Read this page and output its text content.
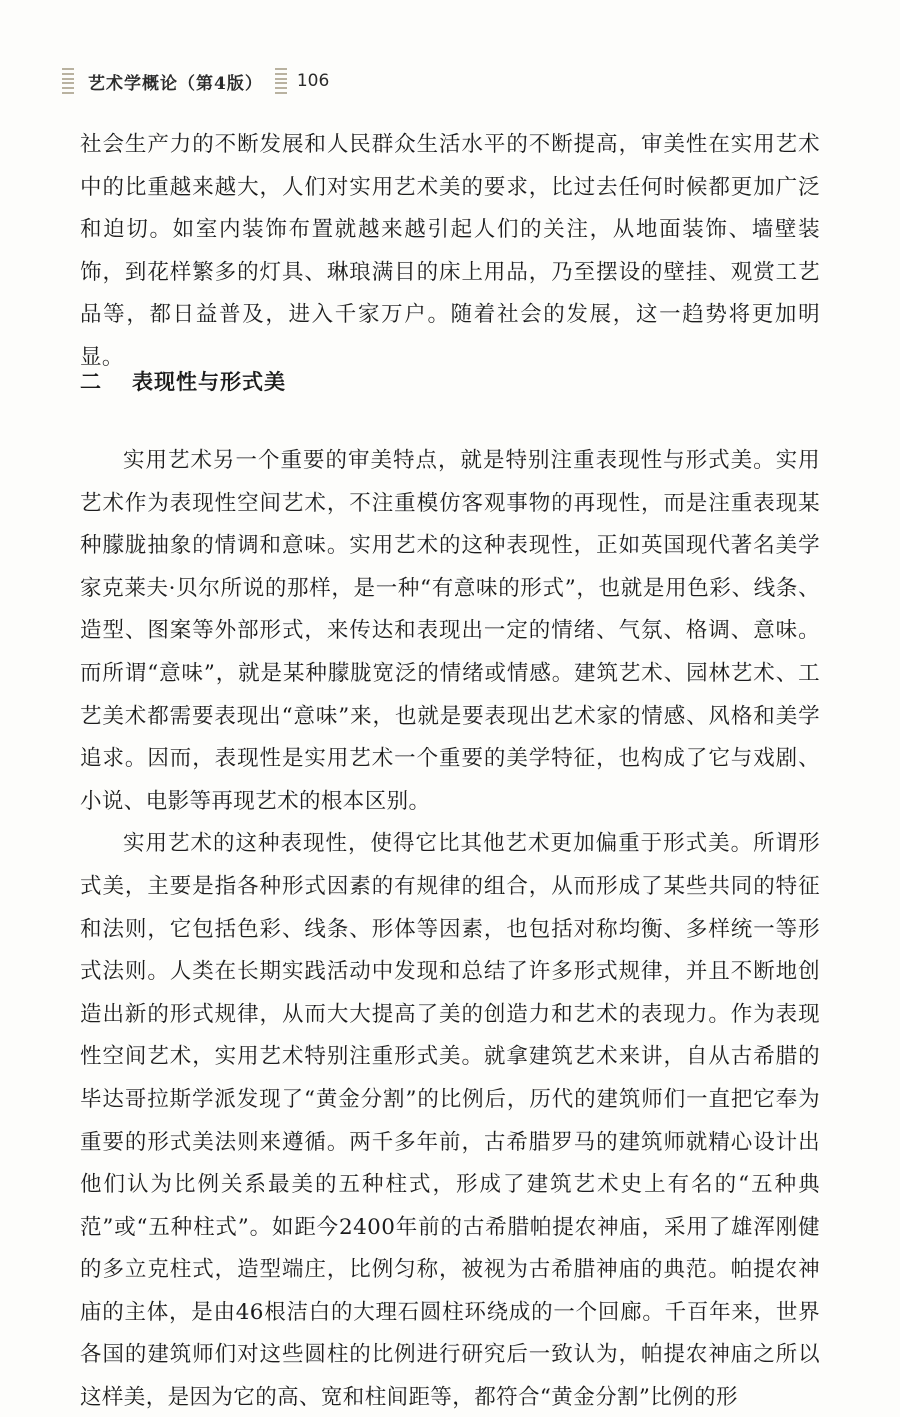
艺术学概论（第4版） 106

社会生产力的不断发展和人民群众生活水平的不断提高，审美性在实用艺术中的比重越来越大，人们对实用艺术美的要求，比过去任何时候都更加广泛和迫切。如室内装饰布置就越来越引起人们的关注，从地面装饰、墙壁装饰，到花样繁多的灯具、琳琅满目的床上用品，乃至摆设的壁挂、观赏工艺品等，都日益普及，进入千家万户。随着社会的发展，这一趋势将更加明显。

二 表现性与形式美

实用艺术另一个重要的审美特点，就是特别注重表现性与形式美。实用艺术作为表现性空间艺术，不注重模仿客观事物的再现性，而是注重表现某种朦胧抽象的情调和意味。实用艺术的这种表现性，正如英国现代著名美学家克莱夫·贝尔所说的那样，是一种“有意味的形式”，也就是用色彩、线条、造型、图案等外部形式，来传达和表现出一定的情绪、气氛、格调、意味。而所谓“意味”，就是某种朦胧宽泛的情绪或情感。建筑艺术、园林艺术、工艺美术都需要表现出“意味”来，也就是要表现出艺术家的情感、风格和美学追求。因而，表现性是实用艺术一个重要的美学特征，也构成了它与戏剧、小说、电影等再现艺术的根本区别。

实用艺术的这种表现性，使得它比其他艺术更加偏重于形式美。所谓形式美，主要是指各种形式因素的有规律的组合，从而形成了某些共同的特征和法则，它包括色彩、线条、形体等因素，也包括对称均衡、多样统一等形式法则。人类在长期实践活动中发现和总结了许多形式规律，并且不断地创造出新的形式规律，从而大大提高了美的创造力和艺术的表现力。作为表现性空间艺术，实用艺术特别注重形式美。就拿建筑艺术来讲，自从古希腊的毕达哥拉斯学派发现了“黄金分割”的比例后，历代的建筑师们一直把它奉为重要的形式美法则来遵循。两千多年前，古希腊罗马的建筑师就精心设计出他们认为比例关系最美的五种柱式，形成了建筑艺术史上有名的“五种典范”或“五种柱式”。如距今2400年前的古希腊帕提农神庙，采用了雄浑刚健的多立克柱式，造型端庄，比例匀称，被视为古希腊神庙的典范。帕提农神庙的主体，是由46根洁白的大理石圆柱环绕成的一个回廊。千百年来，世界各国的建筑师们对这些圆柱的比例进行研究后一致认为，帕提农神庙之所以这样美，是因为它的高、宽和柱间距等，都符合“黄金分割”比例的形
